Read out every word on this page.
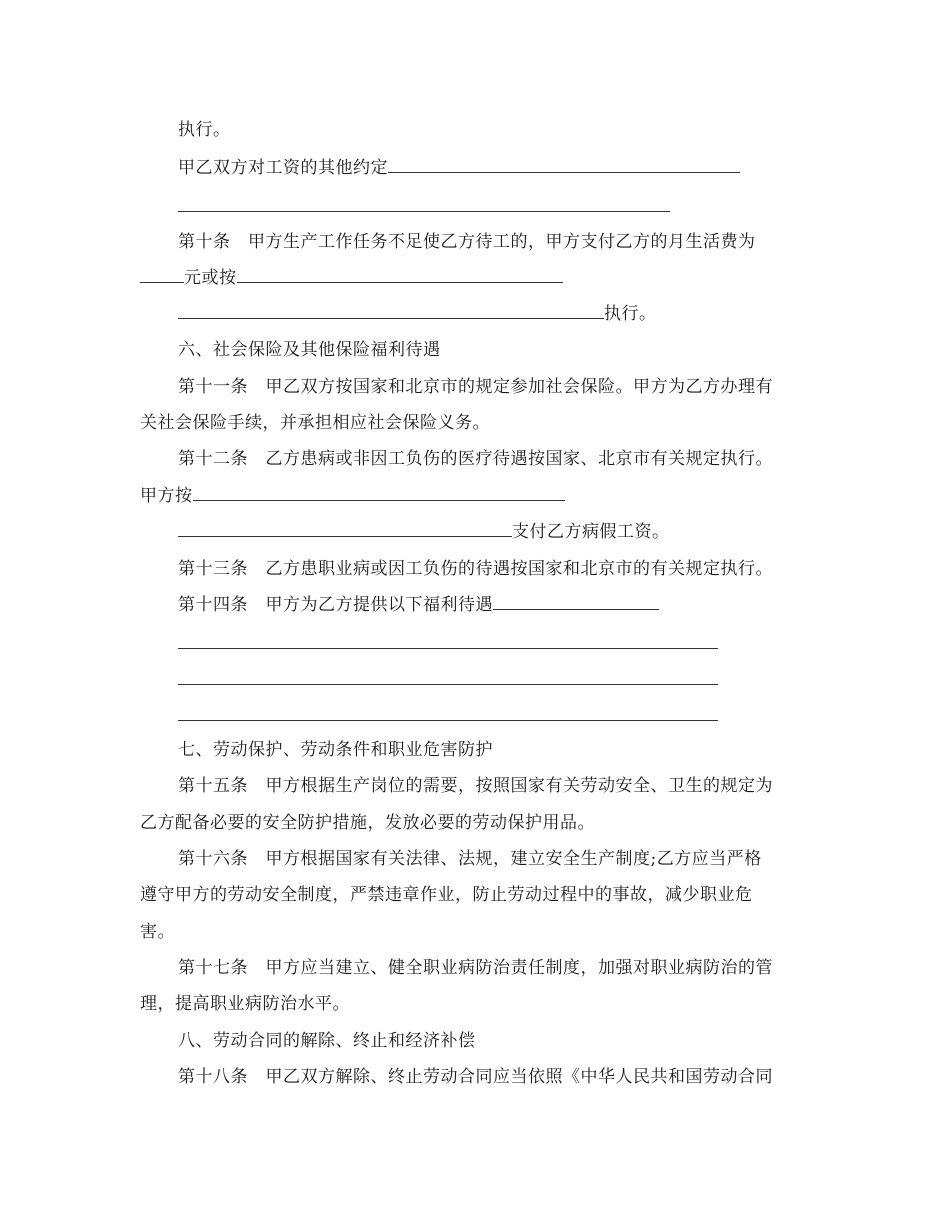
执行。
甲乙双方对工资的其他约定
第十条　甲方生产工作任务不足使乙方待工的，甲方支付乙方的月生活费为
元或按
执行。
六、社会保险及其他保险福利待遇
第十一条　甲乙双方按国家和北京市的规定参加社会保险。甲方为乙方办理有
关社会保险手续，并承担相应社会保险义务。
第十二条　乙方患病或非因工负伤的医疗待遇按国家、北京市有关规定执行。
甲方按
支付乙方病假工资。
第十三条　乙方患职业病或因工负伤的待遇按国家和北京市的有关规定执行。
第十四条　甲方为乙方提供以下福利待遇
七、劳动保护、劳动条件和职业危害防护
第十五条　甲方根据生产岗位的需要，按照国家有关劳动安全、卫生的规定为
乙方配备必要的安全防护措施，发放必要的劳动保护用品。
第十六条　甲方根据国家有关法律、法规，建立安全生产制度;乙方应当严格
遵守甲方的劳动安全制度，严禁违章作业，防止劳动过程中的事故，减少职业危
害。
第十七条　甲方应当建立、健全职业病防治责任制度，加强对职业病防治的管
理，提高职业病防治水平。
八、劳动合同的解除、终止和经济补偿
第十八条　甲乙双方解除、终止劳动合同应当依照《中华人民共和国劳动合同
